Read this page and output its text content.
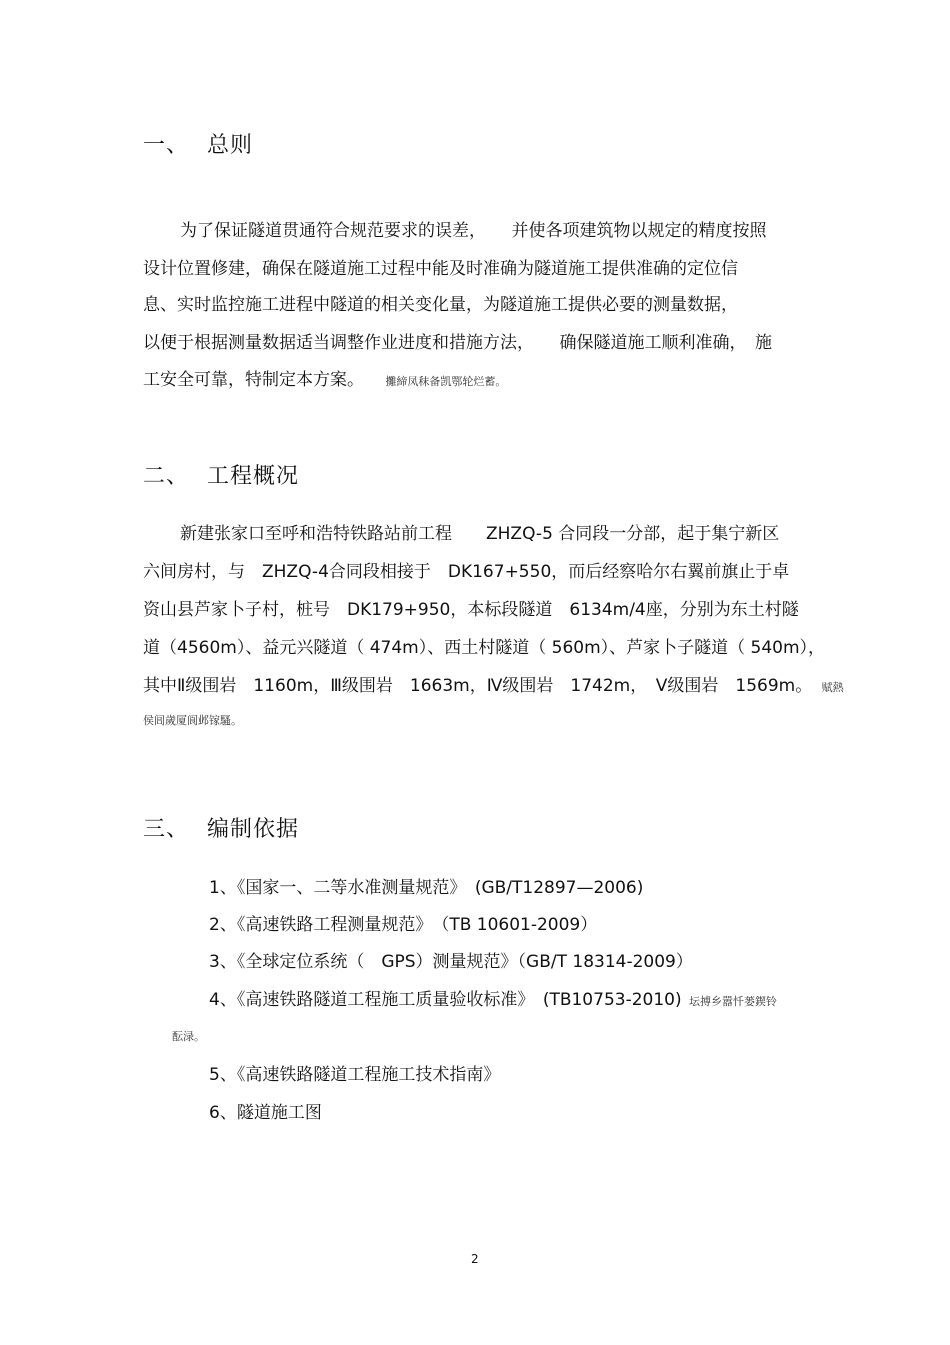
一、 总则
为了保证隧道贯通符合规范要求的误差，　　并使各项建筑物以规定的精度按照
设计位置修建，确保在隧道施工过程中能及时准确为隧道施工提供准确的定位信
息、实时监控施工进程中隧道的相关变化量，为隧道施工提供必要的测量数据，
以便于根据测量数据适当调整作业进度和措施方法，　　确保隧道施工顺利准确，　施
工安全可靠，特制定本方案。 攤締凤秣备凯鄂轮烂蓄。
二、 工程概况
新建张家口至呼和浩特铁路站前工程　　ZHZQ-5 合同段一分部，起于集宁新区
六间房村，与　ZHZQ-4合同段相接于　DK167+550，而后经察哈尔右翼前旗止于卓
资山县芦家卜子村，桩号　DK179+950，本标段隧道　6134m/4座，分别为东土村隧
道（4560m）、益元兴隧道（ 474m）、西土村隧道（ 560m）、芦家卜子隧道（ 540m），
其中Ⅱ级围岩　1160m，Ⅲ级围岩　1663m，Ⅳ级围岩　1742m，　Ⅴ级围岩　1569m。 赋熱
侯闾歲厦阆邺镓騷。
三、 编制依据
1、《国家一、二等水准测量规范》　(GB/T12897—2006)
2、《高速铁路工程测量规范》　（TB 10601-2009）
3、《全球定位系统（　GPS）测量规范》（GB/T 18314-2009）
4、《高速铁路隧道工程施工质量验收标准》　(TB10753-2010) 坛搏乡嚣忏蒌鍥铃
酝渌。
5、《高速铁路隧道工程施工技术指南》
6、隧道施工图
2
